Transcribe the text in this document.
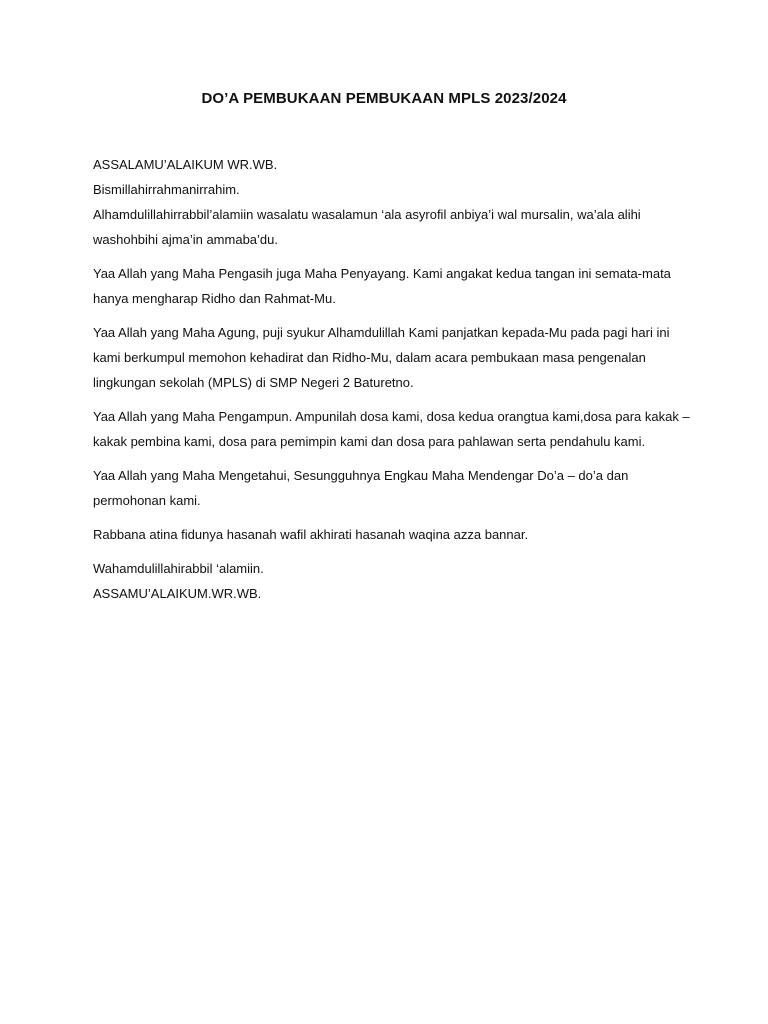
DO’A PEMBUKAAN PEMBUKAAN MPLS 2023/2024

ASSALAMU’ALAIKUM WR.WB.

Bismillahirrahmanirrahim.

Alhamdulillahirrabbil’alamiin wasalatu wasalamun ‘ala asyrofil anbiya’i wal mursalin, wa’ala alihi washohbihi ajma’in ammaba’du.

Yaa Allah yang Maha Pengasih juga Maha Penyayang. Kami angakat kedua tangan ini semata-mata hanya mengharap Ridho dan Rahmat-Mu.

Yaa Allah yang Maha Agung, puji syukur Alhamdulillah Kami panjatkan kepada-Mu pada pagi hari ini kami berkumpul memohon kehadirat dan Ridho-Mu, dalam acara pembukaan masa pengenalan lingkungan sekolah (MPLS) di SMP Negeri 2 Baturetno.

Yaa Allah yang Maha Pengampun. Ampunilah dosa kami, dosa kedua orangtua kami,dosa para kakak – kakak pembina kami, dosa para pemimpin kami dan dosa para pahlawan serta pendahulu kami.

Yaa Allah yang Maha Mengetahui, Sesungguhnya Engkau Maha Mendengar Do’a – do’a dan permohonan kami.

Rabbana atina fidunya hasanah wafil akhirati hasanah waqina azza bannar.

Wahamdulillahirabbil ‘alamiin.

ASSAMU’ALAIKUM.WR.WB.
